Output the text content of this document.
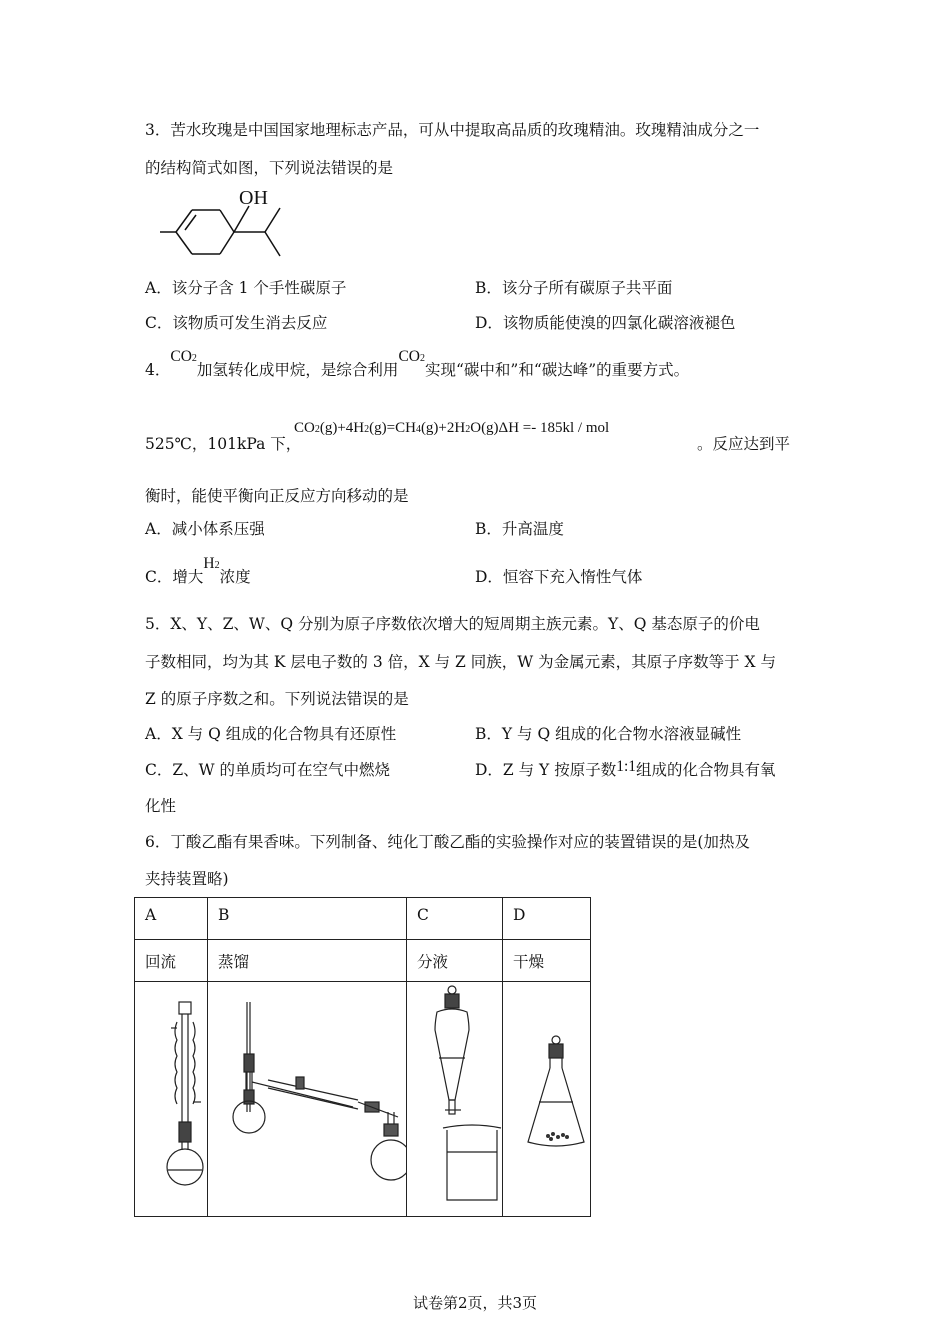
3．苦水玫瑰是中国国家地理标志产品，可从中提取高品质的玫瑰精油。玫瑰精油成分之一
的结构简式如图，下列说法错误的是
OH
A．该分子含 1 个手性碳原子	B．该分子所有碳原子共平面
C．该物质可发生消去反应	D．该物质能使溴的四氯化碳溶液褪色
4．CO2加氢转化成甲烷，是综合利用CO2实现“碳中和”和“碳达峰”的重要方式。
525℃，101kPa 下，
CO2(g)+4H2(g)=CH4(g)+2H2O(g)ΔH =- 185kl / mol
。反应达到平
衡时，能使平衡向正反应方向移动的是
A．减小体系压强	B．升高温度
C．增大H2浓度	D．恒容下充入惰性气体
5．X、Y、Z、W、Q 分别为原子序数依次增大的短周期主族元素。Y、Q 基态原子的价电
子数相同，均为其 K 层电子数的 3 倍，X 与 Z 同族，W 为金属元素，其原子序数等于 X 与
Z 的原子序数之和。下列说法错误的是
A．X 与 Q 组成的化合物具有还原性	B．Y 与 Q 组成的化合物水溶液显碱性
C．Z、W 的单质均可在空气中燃烧	D．Z 与 Y 按原子数1:1组成的化合物具有氧
化性
6．丁酸乙酯有果香味。下列制备、纯化丁酸乙酯的实验操作对应的装置错误的是(加热及
夹持装置略)
A	B	C	D
回流	蒸馏	分液	干燥

试卷第2页，共3页
